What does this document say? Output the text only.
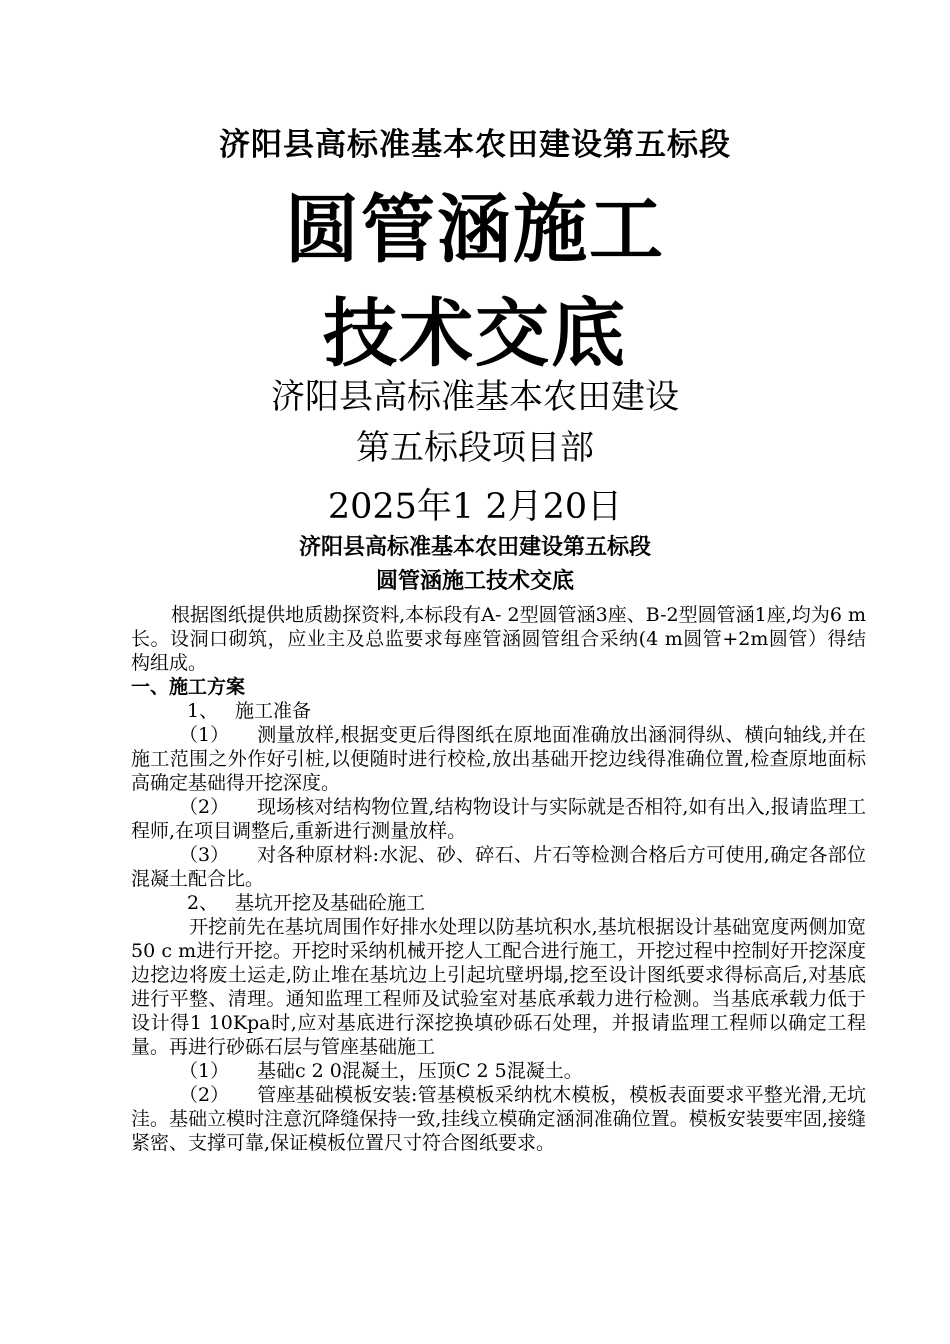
济阳县高标准基本农田建设第五标段
圆管涵施工
技术交底
济阳县高标准基本农田建设
第五标段项目部
2025年1 2月20日
济阳县高标准基本农田建设第五标段
圆管涵施工技术交底

根据图纸提供地质勘探资料,本标段有A- 2型圆管涵3座、B-2型圆管涵1座,均为6 m长。设洞口砌筑，应业主及总监要求每座管涵圆管组合采纳(4 m圆管+2m圆管）得结构组成。

一、施工方案

1、 施工准备

（1） 测量放样,根据变更后得图纸在原地面准确放出涵洞得纵、横向轴线,并在施工范围之外作好引桩,以便随时进行校检,放出基础开挖边线得准确位置,检查原地面标高确定基础得开挖深度。

（2） 现场核对结构物位置,结构物设计与实际就是否相符,如有出入,报请监理工程师,在项目调整后,重新进行测量放样。

（3） 对各种原材料:水泥、砂、碎石、片石等检测合格后方可使用,确定各部位混凝土配合比。

2、 基坑开挖及基础砼施工

开挖前先在基坑周围作好排水处理以防基坑积水,基坑根据设计基础宽度两侧加宽50 c m进行开挖。开挖时采纳机械开挖人工配合进行施工，开挖过程中控制好开挖深度边挖边将废土运走,防止堆在基坑边上引起坑壁坍塌,挖至设计图纸要求得标高后,对基底进行平整、清理。通知监理工程师及试验室对基底承载力进行检测。当基底承载力低于设计得1 10Kpa时,应对基底进行深挖换填砂砾石处理，并报请监理工程师以确定工程量。再进行砂砾石层与管座基础施工

（1） 基础c 2 0混凝土，压顶C 2 5混凝土。

（2） 管座基础模板安装:管基模板采纳枕木模板，模板表面要求平整光滑,无坑洼。基础立模时注意沉降缝保持一致,挂线立模确定涵洞准确位置。模板安装要牢固,接缝紧密、支撑可靠,保证模板位置尺寸符合图纸要求。
